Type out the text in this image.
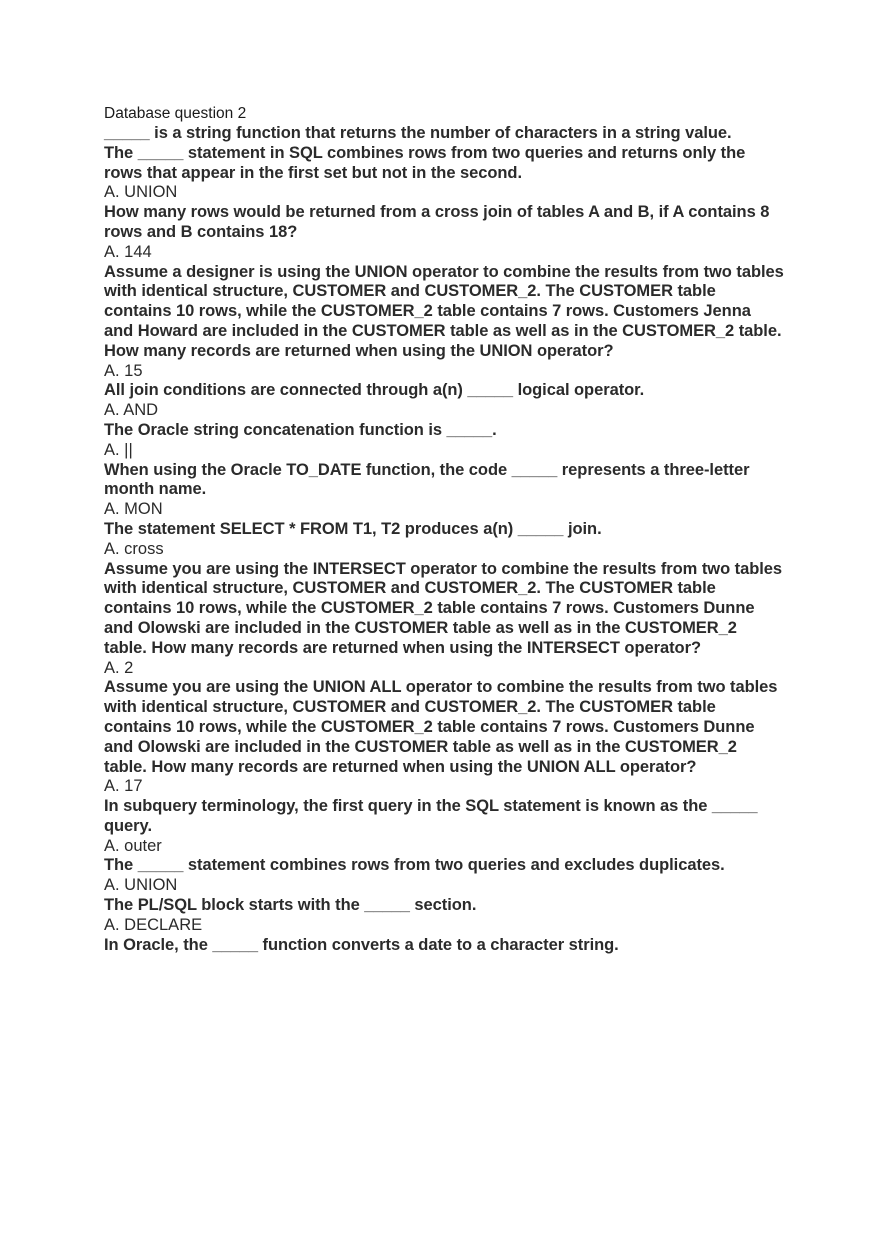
Database question 2

_____ is a string function that returns the number of characters in a string value.

The _____ statement in SQL combines rows from two queries and returns only the rows that appear in the first set but not in the second.

A. UNION

How many rows would be returned from a cross join of tables A and B, if A contains 8 rows and B contains 18?

A. 144

Assume a designer is using the UNION operator to combine the results from two tables with identical structure, CUSTOMER and CUSTOMER_2. The CUSTOMER table contains 10 rows, while the CUSTOMER_2 table contains 7 rows. Customers Jenna and Howard are included in the CUSTOMER table as well as in the CUSTOMER_2 table. How many records are returned when using the UNION operator?

A. 15

All join conditions are connected through a(n) _____ logical operator.

A. AND

The Oracle string concatenation function is _____.

A. ||

When using the Oracle TO_DATE function, the code _____ represents a three-letter month name.

A. MON

The statement SELECT * FROM T1, T2 produces a(n) _____ join.

A. cross

Assume you are using the INTERSECT operator to combine the results from two tables with identical structure, CUSTOMER and CUSTOMER_2. The CUSTOMER table contains 10 rows, while the CUSTOMER_2 table contains 7 rows. Customers Dunne and Olowski are included in the CUSTOMER table as well as in the CUSTOMER_2 table. How many records are returned when using the INTERSECT operator?

A. 2

Assume you are using the UNION ALL operator to combine the results from two tables with identical structure, CUSTOMER and CUSTOMER_2. The CUSTOMER table contains 10 rows, while the CUSTOMER_2 table contains 7 rows. Customers Dunne and Olowski are included in the CUSTOMER table as well as in the CUSTOMER_2 table. How many records are returned when using the UNION ALL operator?

A. 17

In subquery terminology, the first query in the SQL statement is known as the _____ query.

A. outer

The _____ statement combines rows from two queries and excludes duplicates.

A. UNION

The PL/SQL block starts with the _____ section.

A. DECLARE

In Oracle, the _____ function converts a date to a character string.
